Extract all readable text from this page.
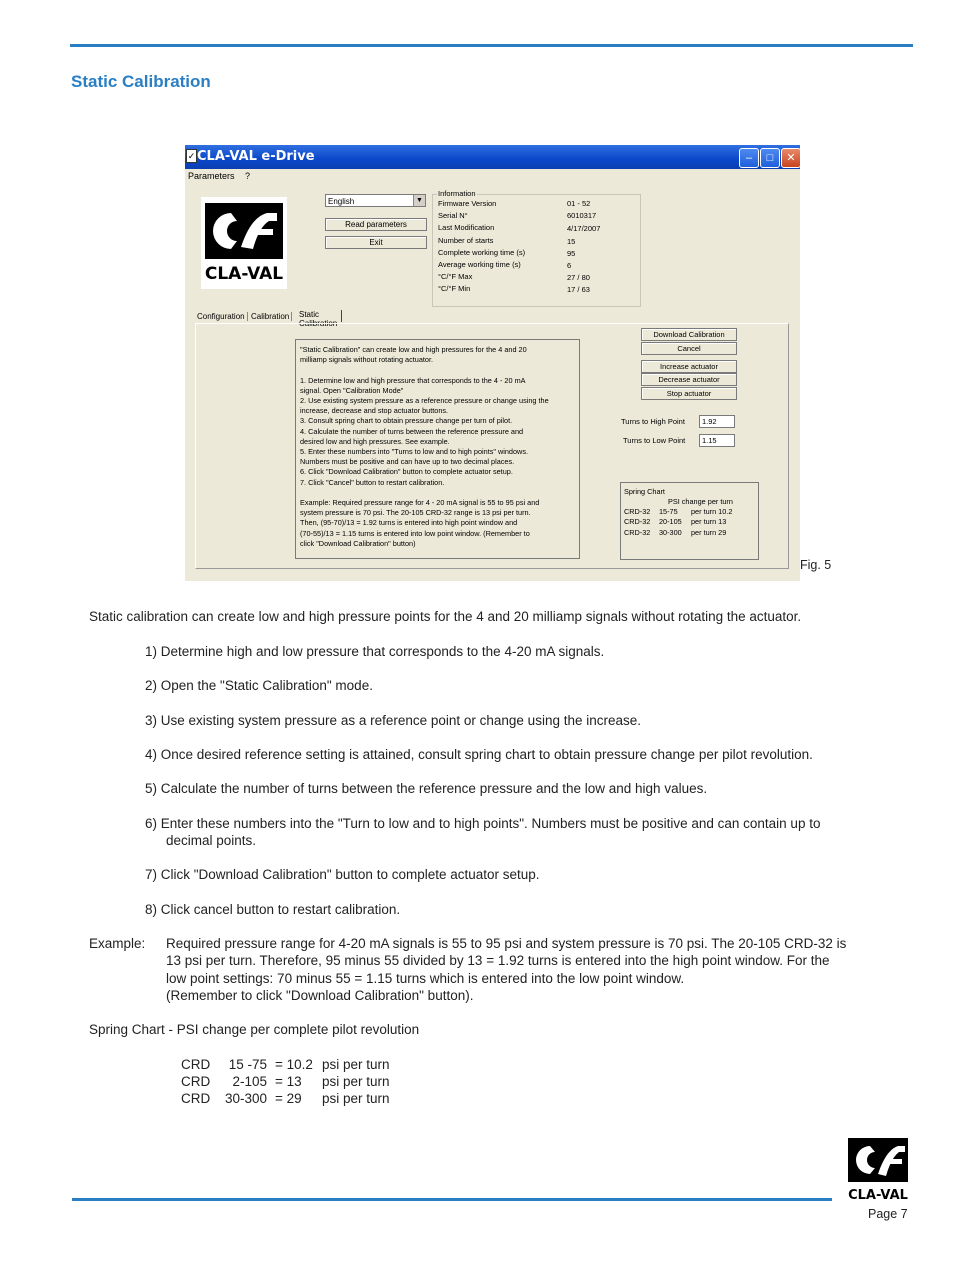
Static Calibration
✓ CLA-VAL e-Drive	–	□	✕
Parameters ?
CLA-VAL
English	▼
Read parameters
Exit
Information
Firmware Version	01 - 52
Serial N°	6010317
Last Modification	4/17/2007
Number of starts	15
Complete working time (s)	95
Average working time (s)	6
°C/°F Max	27 / 80
°C/°F Min	17 / 63
Configuration Calibration	Static Calibration
"Static Calibration" can create low and high pressures for the 4 and 20
milliamp signals without rotating actuator.
1. Determine low and high pressure that corresponds to the 4 - 20 mA
signal. Open "Calibration Mode"
2. Use existing system pressure as a reference pressure or change using the
increase, decrease and stop actuator buttons.
3. Consult spring chart to obtain pressure change per turn of pilot.
4. Calculate the number of turns between the reference pressure and
desired low and high pressures. See example.
5. Enter these numbers into "Turns to low and to high points" windows.
Numbers must be positive and can have up to two decimal places.
6. Click "Download Calibration" button to complete actuator setup.
7. Click "Cancel" button to restart calibration.
Example: Required pressure range for 4 - 20 mA signal is 55 to 95 psi and
system pressure is 70 psi. The 20-105 CRD-32 range is 13 psi per turn.
Then, (95-70)/13 = 1.92 turns is entered into high point window and
(70-55)/13 = 1.15 turns is entered into low point window. (Remember to
click "Download Calibration" button)
Download Calibration
Cancel
Increase actuator
Decrease actuator
Stop actuator
Turns to High Point	1.92
Turns to Low Point	1.15
Spring Chart
PSI change per turn
CRD-32 15-75 per turn 10.2
CRD-32 20-105 per turn 13
CRD-32 30-300 per turn 29
Fig. 5
Static calibration can create low and high pressure points for the 4 and 20 milliamp signals without rotating the actuator.
1) Determine high and low pressure that corresponds to the 4-20 mA signals.
2) Open the "Static Calibration" mode.
3) Use existing system pressure as a reference point or change using the increase.
4) Once desired reference setting is attained, consult spring chart to obtain pressure change per pilot revolution.
5) Calculate the number of turns between the reference pressure and the low and high values.
6) Enter these numbers into the "Turn to low and to high points". Numbers must be positive and can contain up to
decimal points.
7) Click "Download Calibration" button to complete actuator setup.
8) Click cancel button to restart calibration.
Example: Required pressure range for 4-20 mA signals is 55 to 95 psi and system pressure is 70 psi. The 20-105 CRD-32 is
13 psi per turn. Therefore, 95 minus 55 divided by 13 = 1.92 turns is entered into the high point window. For the
low point settings: 70 minus 55 = 1.15 turns which is entered into the low point window.
(Remember to click "Download Calibration" button).
Spring Chart - PSI change per complete pilot revolution
CRD	15 -75 = 10.2 psi per turn
CRD	2-105 = 13 psi per turn
CRD 30-300 = 29 psi per turn
CLA-VAL
Page 7
